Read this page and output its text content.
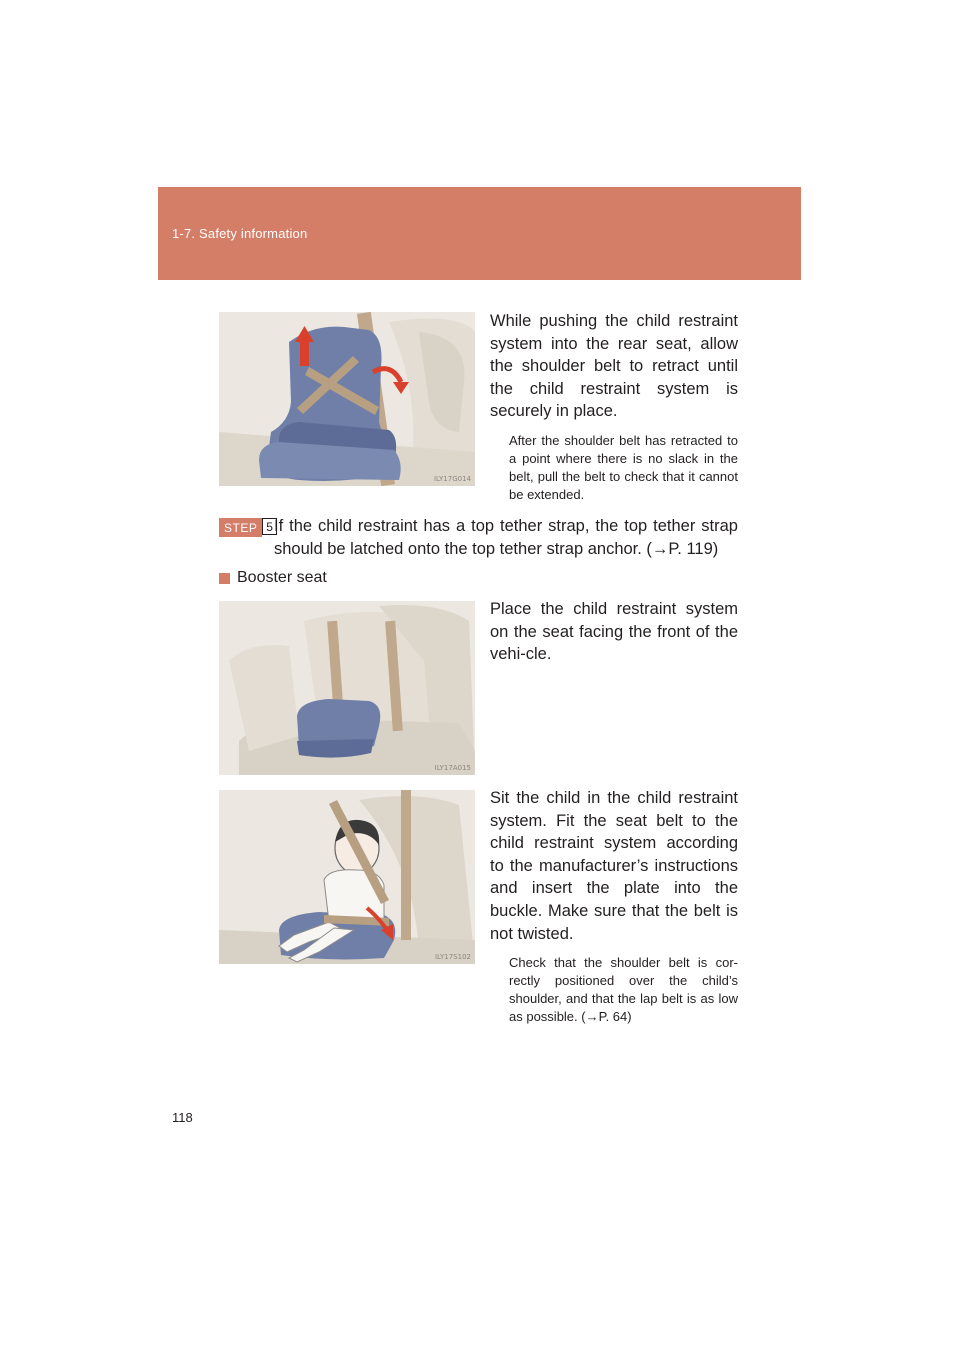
1-7. Safety information
ILY17G014

While pushing the child restraint system into the rear seat, allow the shoulder belt to retract until the child restraint system is securely in place.

After the shoulder belt has retracted to a point where there is no slack in the belt, pull the belt to check that it cannot be extended.

STEP 5 If the child restraint has a top tether strap, the top tether strap should be latched onto the top tether strap anchor. (→P. 119)

Booster seat
ILY17A015

Place the child restraint system on the seat facing the front of the vehi-cle.

ILY17S102

Sit the child in the child restraint system. Fit the seat belt to the child restraint system according to the manufacturer’s instructions and insert the plate into the buckle. Make sure that the belt is not twisted.

Check that the shoulder belt is cor-rectly positioned over the child’s shoulder, and that the lap belt is as low as possible. (→P. 64)

118
